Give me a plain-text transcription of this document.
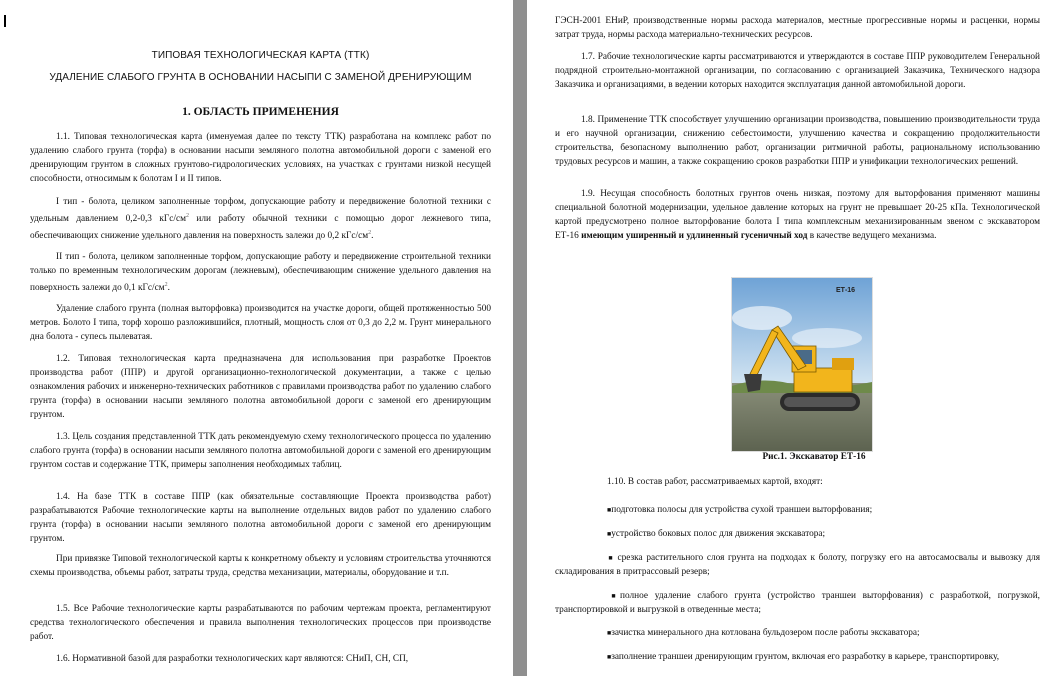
ТИПОВАЯ ТЕХНОЛОГИЧЕСКАЯ КАРТА (ТТК)

УДАЛЕНИЕ СЛАБОГО ГРУНТА В ОСНОВАНИИ НАСЫПИ С ЗАМЕНОЙ ДРЕНИРУЮЩИМ

1. ОБЛАСТЬ ПРИМЕНЕНИЯ

1.1. Типовая технологическая карта (именуемая далее по тексту ТТК) разработана на комплекс работ по удалению слабого грунта (торфа) в основании насыпи земляного полотна автомобильной дороги с заменой его дренирующим грунтом в сложных грунтово-гидрологических условиях, на участках с грунтами низкой несущей способности, относимым к болотам I и II типов.

I тип - болота, целиком заполненные торфом, допускающие работу и передвижение болотной техники с удельным давлением 0,2-0,3 кГс/$см^2$ или работу обычной техники с помощью дорог лежневого типа, обеспечивающих снижение удельного давления на поверхность залежи до 0,2 кГс/$см^2$.

II тип - болота, целиком заполненные торфом, допускающие работу и передвижение строительной техники только по временным технологическим дорогам (лежневым), обеспечивающим снижение удельного давления на поверхность залежи до 0,1 кГс/$см^2$.

Удаление слабого грунта (полная выторфовка) производится на участке дороги, общей протяженностью 500 метров. Болото I типа, торф хорошо разложившийся, плотный, мощность слоя от 0,3 до 2,2 м. Грунт минерального дна болота - супесь пылеватая.

1.2. Типовая технологическая карта предназначена для использования при разработке Проектов производства работ (ППР) и другой организационно-технологической документации, а также с целью ознакомления рабочих и инженерно-технических работников с правилами производства работ по удалению слабого грунта (торфа) в основании насыпи земляного полотна автомобильной дороги с заменой его дренирующим грунтом.

1.3. Цель создания представленной ТТК дать рекомендуемую схему технологического процесса по удалению слабого грунта (торфа) в основании насыпи земляного полотна автомобильной дороги с заменой его дренирующим грунтом состав и содержание ТТК, примеры заполнения необходимых таблиц.

1.4. На базе ТТК в составе ППР (как обязательные составляющие Проекта производства работ) разрабатываются Рабочие технологические карты на выполнение отдельных видов работ по удалению слабого грунта (торфа) в основании насыпи земляного полотна автомобильной дороги с заменой его дренирующим грунтом.

При привязке Типовой технологической карты к конкретному объекту и условиям строительства уточняются схемы производства, объемы работ, затраты труда, средства механизации, материалы, оборудование и т.п.

1.5. Все Рабочие технологические карты разрабатываются по рабочим чертежам проекта, регламентируют средства технологического обеспечения и правила выполнения технологических процессов при производстве работ.

1.6. Нормативной базой для разработки технологических карт являются: СНиП, СН, СП,

ГЭСН-2001 ЕНиР, производственные нормы расхода материалов, местные прогрессивные нормы и расценки, нормы затрат труда, нормы расхода материально-технических ресурсов.

1.7. Рабочие технологические карты рассматриваются и утверждаются в составе ППР руководителем Генеральной подрядной строительно-монтажной организации, по согласованию с организацией Заказчика, Технического надзора Заказчика и организациями, в ведении которых находится эксплуатация данной автомобильной дороги.

1.8. Применение ТТК способствует улучшению организации производства, повышению производительности труда и его научной организации, снижению себестоимости, улучшению качества и сокращению продолжительности строительства, безопасному выполнению работ, организации ритмичной работы, рациональному использованию трудовых ресурсов и машин, а также сокращению сроков разработки ППР и унификации технологических решений.

1.9. Несущая способность болотных грунтов очень низкая, поэтому для выторфования применяют машины специальной болотной модернизации, удельное давление которых на грунт не превышает 20-25 кПа. Технологической картой предусмотрено полное выторфование болота I типа комплексным механизированным звеном с экскаватором ЕТ-16 имеющим уширенный и удлиненный гусеничный ход в качестве ведущего механизма.

ЕТ-16

Рис.1. Экскаватор ЕТ-16

1.10. В состав работ, рассматриваемых картой, входят:

■подготовка полосы для устройства сухой траншеи выторфования;

■устройство боковых полос для движения экскаватора;

■ срезка растительного слоя грунта на подходах к болоту, погрузку его на автосамосвалы и вывозку для складирования в притрассовый резерв;

■полное удаление слабого грунта (устройство траншеи выторфования) с разработкой, погрузкой, транспортировкой и выгрузкой в отведенные места;

■зачистка минерального дна котлована бульдозером после работы экскаватора;

■заполнение траншеи дренирующим грунтом, включая его разработку в карьере, транспортировку,
